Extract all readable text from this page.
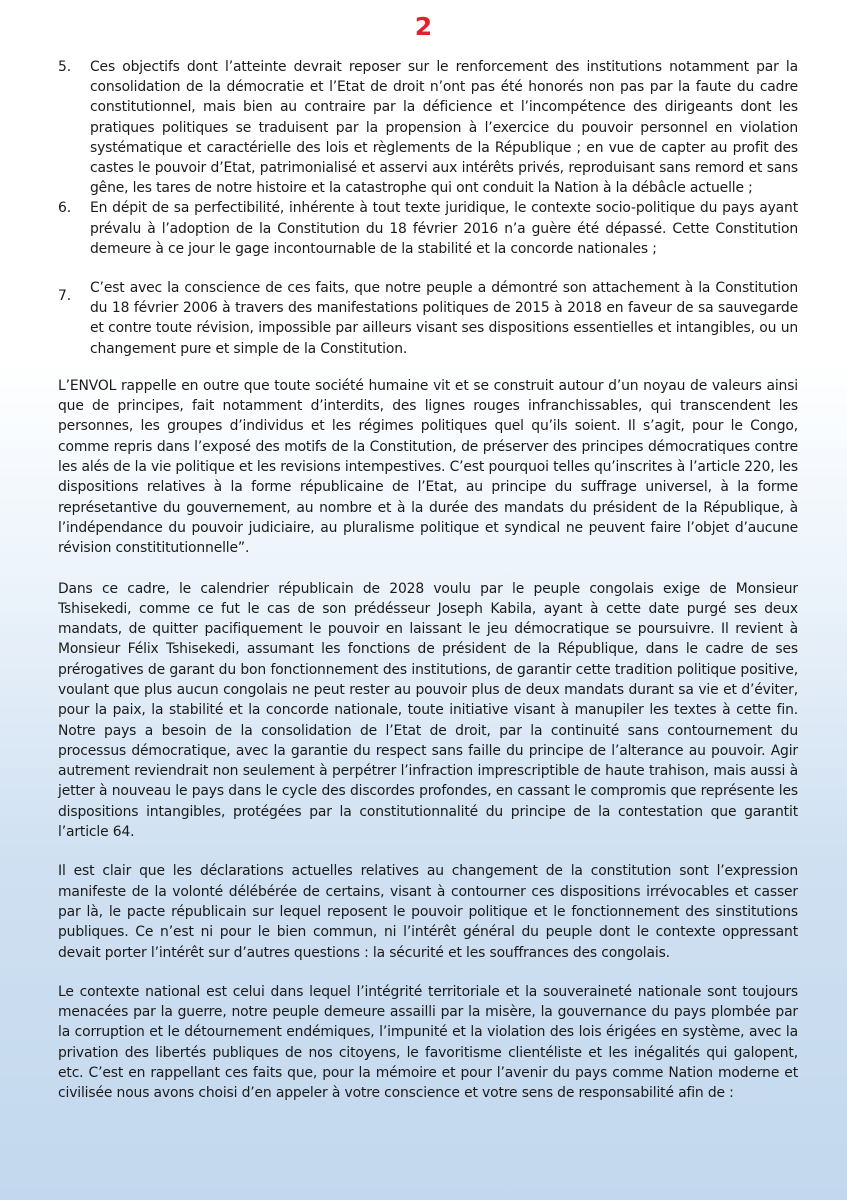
2
5. Ces objectifs dont l’atteinte devrait reposer sur le renforcement des institutions notamment par la consolidation de la démocratie et l’Etat de droit n’ont pas été honorés non pas par la faute du cadre constitutionnel, mais bien au contraire par la déficience et l’incompétence des dirigeants dont les pratiques politiques se traduisent par la propension à l’exercice du pouvoir personnel en violation systématique et caractérielle des lois et règlements de la République ; en vue de capter au profit des castes le pouvoir d’Etat, patrimonialisé et asservi aux intérêts privés, reproduisant sans remord et sans gêne, les tares de notre histoire et la catastrophe qui ont conduit la Nation à la débâcle actuelle ;
6. En dépit de sa perfectibilité, inhérente à tout texte juridique, le contexte socio-politique du pays ayant prévalu à l’adoption de la Constitution du 18 février 2016 n’a guère été dépassé. Cette Constitution demeure à ce jour le gage incontournable de la stabilité et la concorde nationales ;
7. C’est avec la conscience de ces faits, que notre peuple a démontré son attachement à la Constitution du 18 février 2006 à travers des manifestations politiques de 2015 à 2018 en faveur de sa sauvegarde et contre toute révision, impossible par ailleurs visant ses dispositions essentielles et intangibles, ou un changement pure et simple de la Constitution.

L’ENVOL rappelle en outre que toute société humaine vit et se construit autour d’un noyau de valeurs ainsi que de principes, fait notamment d’interdits, des lignes rouges infranchissables, qui transcendent les personnes, les groupes d’individus et les régimes politiques quel qu’ils soient. Il s’agit, pour le Congo, comme repris dans l’exposé des motifs de la Constitution, de préserver des principes démocratiques contre les alés de la vie politique et les revisions intempestives. C’est pourquoi telles qu’inscrites à l’article 220, les dispositions relatives à la forme républicaine de l’Etat, au principe du suffrage universel, à la forme représetantive du gouvernement, au nombre et à la durée des mandats du président de la République, à l’indépendance du pouvoir judiciaire, au pluralisme politique et syndical ne peuvent faire l’objet d’aucune révision constititutionnelle”.

Dans ce cadre, le calendrier républicain de 2028 voulu par le peuple congolais exige de Monsieur Tshisekedi, comme ce fut le cas de son prédésseur Joseph Kabila, ayant à cette date purgé ses deux mandats, de quitter pacifiquement le pouvoir en laissant le jeu démocratique se poursuivre. Il revient à Monsieur Félix Tshisekedi, assumant les fonctions de président de la République, dans le cadre de ses prérogatives de garant du bon fonctionnement des institutions, de garantir cette tradition politique positive, voulant que plus aucun congolais ne peut rester au pouvoir plus de deux mandats durant sa vie et d’éviter, pour la paix, la stabilité et la concorde nationale, toute initiative visant à manupiler les textes à cette fin. Notre pays a besoin de la consolidation de l’Etat de droit, par la continuité sans contournement du processus démocratique, avec la garantie du respect sans faille du principe de l’alterance au pouvoir. Agir autrement reviendrait non seulement à perpétrer l’infraction imprescriptible de haute trahison, mais aussi à jetter à nouveau le pays dans le cycle des discordes profondes, en cassant le compromis que représente les dispositions intangibles, protégées par la constitutionnalité du principe de la contestation que garantit l’article 64.

Il est clair que les déclarations actuelles relatives au changement de la constitution sont l’expression manifeste de la volonté délébérée de certains, visant à contourner ces dispositions irrévocables et casser par là, le pacte républicain sur lequel reposent le pouvoir politique et le fonctionnement des sinstitutions publiques. Ce n’est ni pour le bien commun, ni l’intérêt général du peuple dont le contexte oppressant devait porter l’intérêt sur d’autres questions : la sécurité et les souffrances des congolais.

Le contexte national est celui dans lequel l’intégrité territoriale et la souveraineté nationale sont toujours menacées par la guerre, notre peuple demeure assailli par la misère, la gouvernance du pays plombée par la corruption et le détournement endémiques, l’impunité et la violation des lois érigées en système, avec la privation des libertés publiques de nos citoyens, le favoritisme clientéliste et les inégalités qui galopent, etc. C’est en rappellant ces faits que, pour la mémoire et pour l’avenir du pays comme Nation moderne et civilisée nous avons choisi d’en appeler à votre conscience et votre sens de responsabilité afin de :
